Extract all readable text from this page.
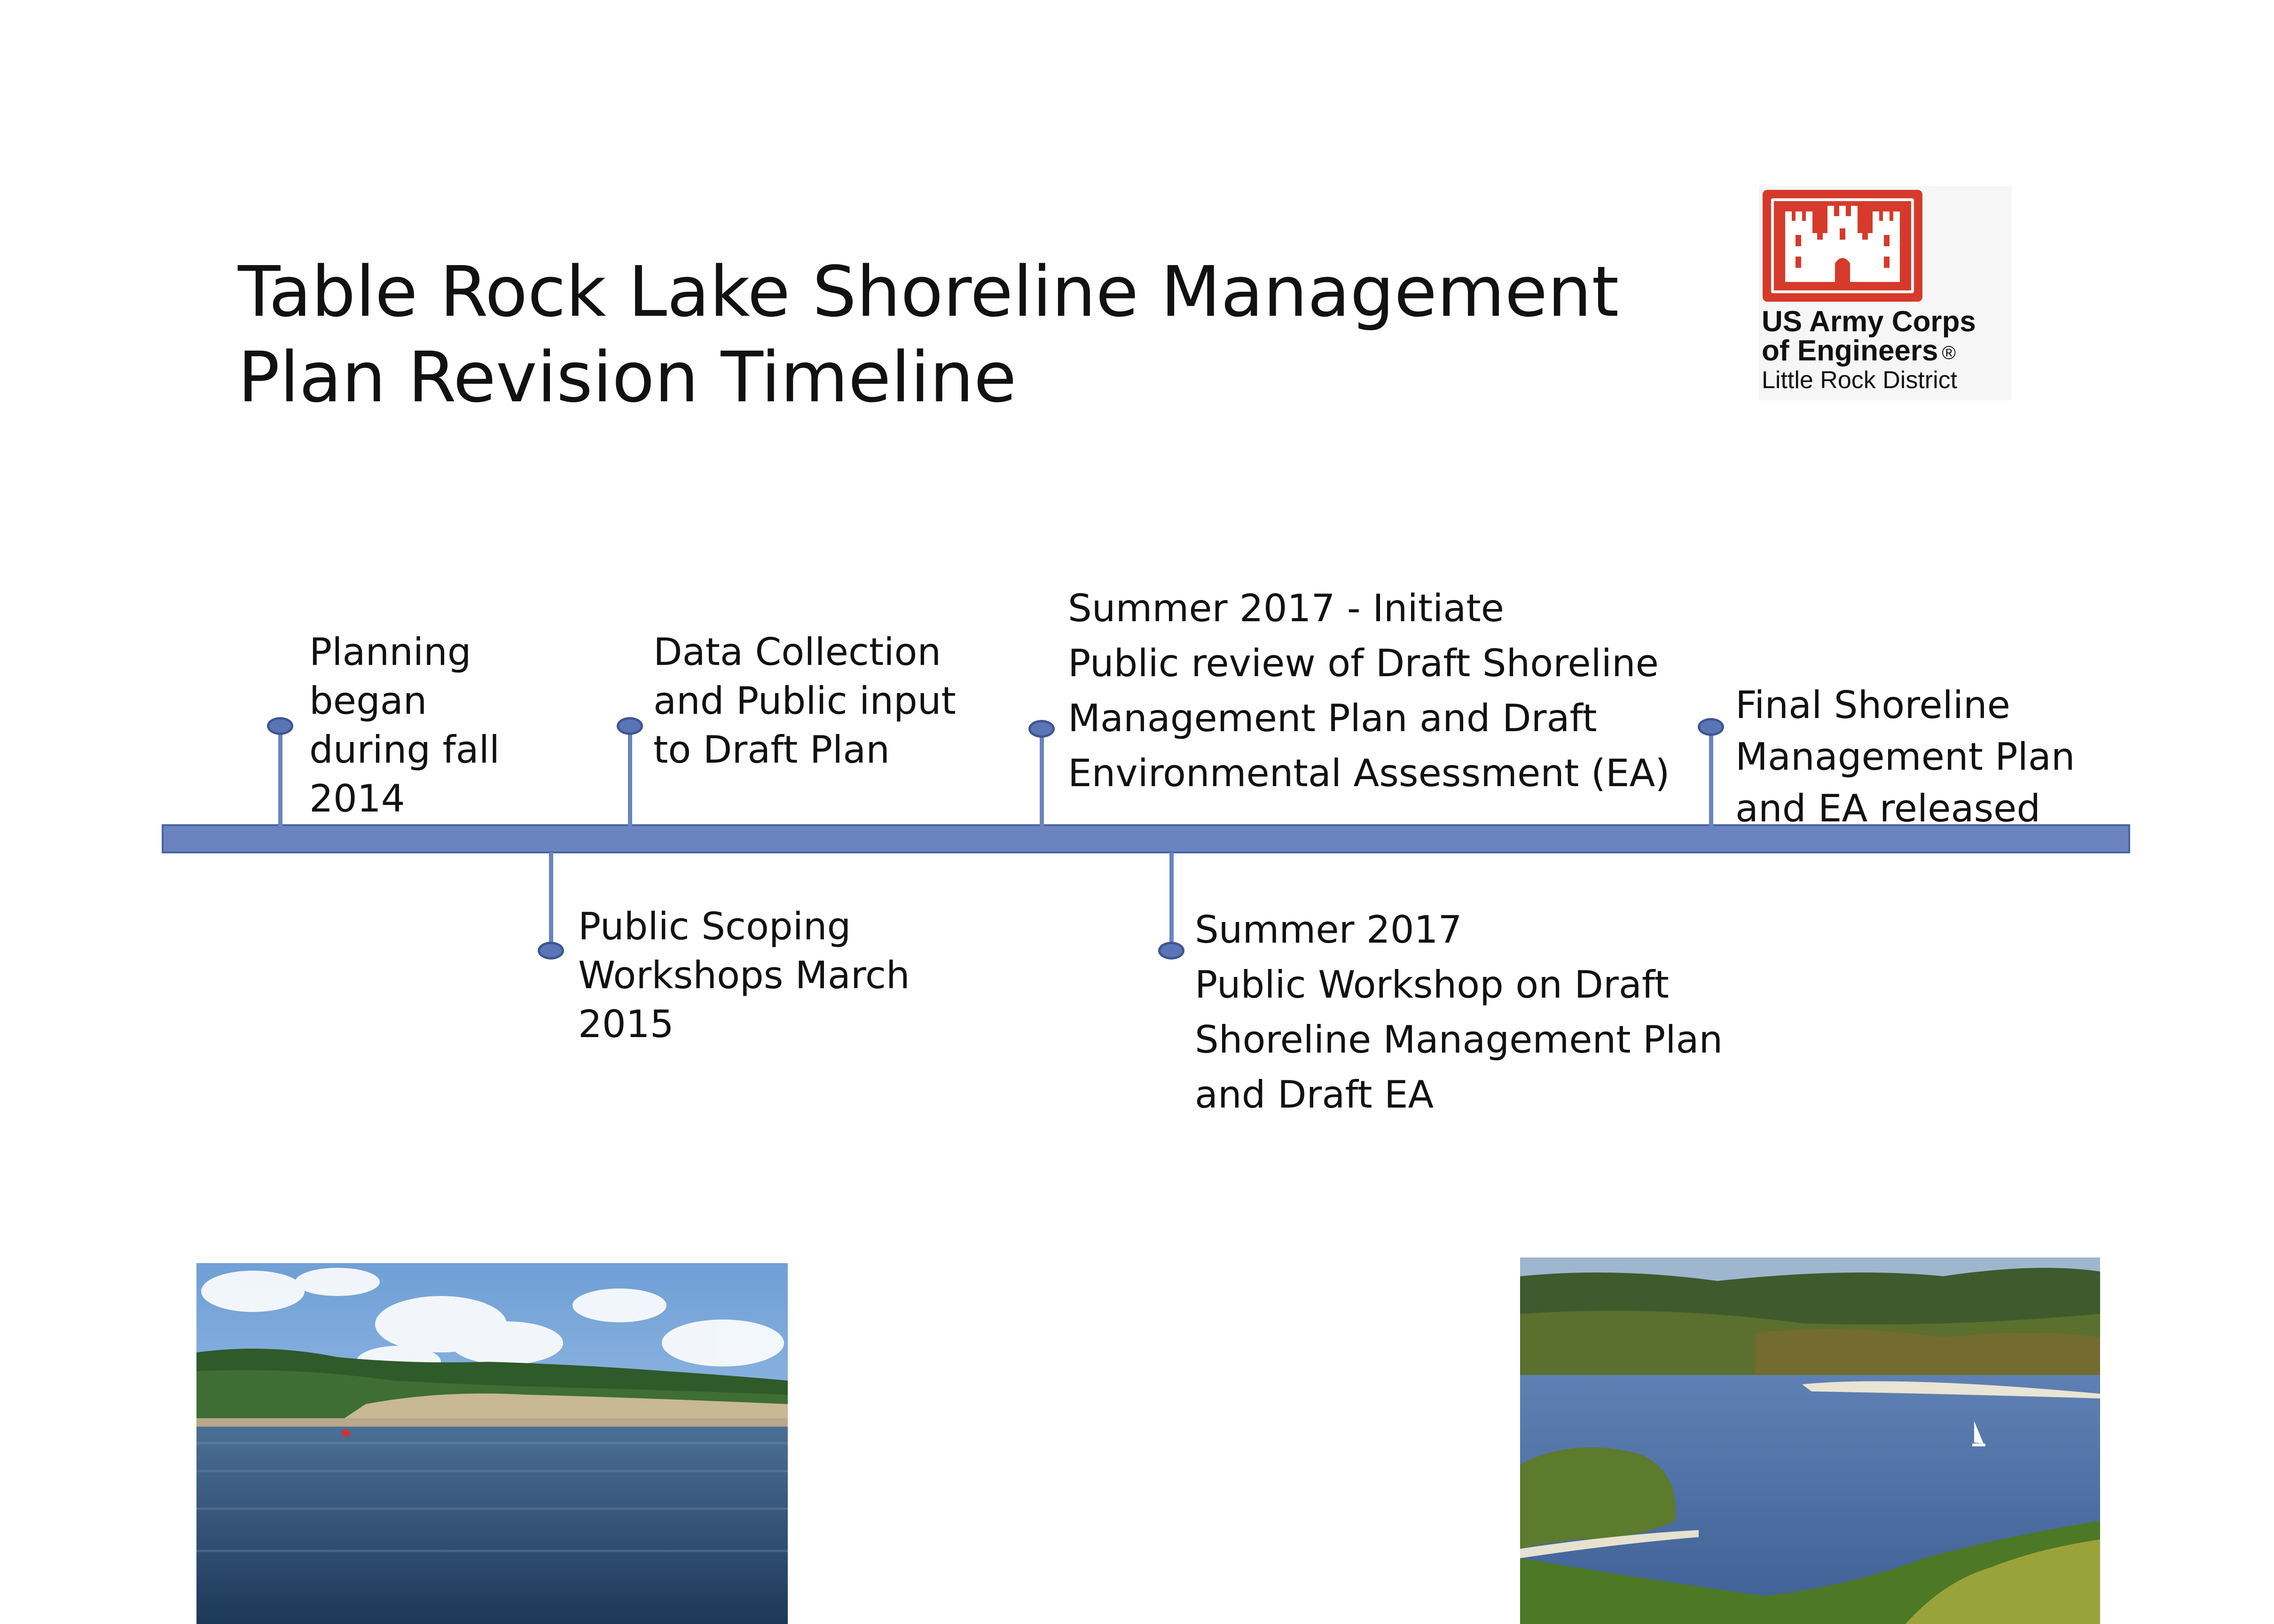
Table Rock Lake Shoreline Management
Plan Revision Timeline
US Army Corps
of Engineers ®
Little Rock District
Planning
began
during fall
2014
Public Scoping
Workshops March
2015
Data Collection
and Public input
to Draft Plan
Summer 2017 - Initiate
Public review of Draft Shoreline
Management Plan and Draft
Environmental Assessment (EA)
Summer 2017
Public Workshop on Draft
Shoreline Management Plan
and Draft EA
Final Shoreline
Management Plan
and EA released
